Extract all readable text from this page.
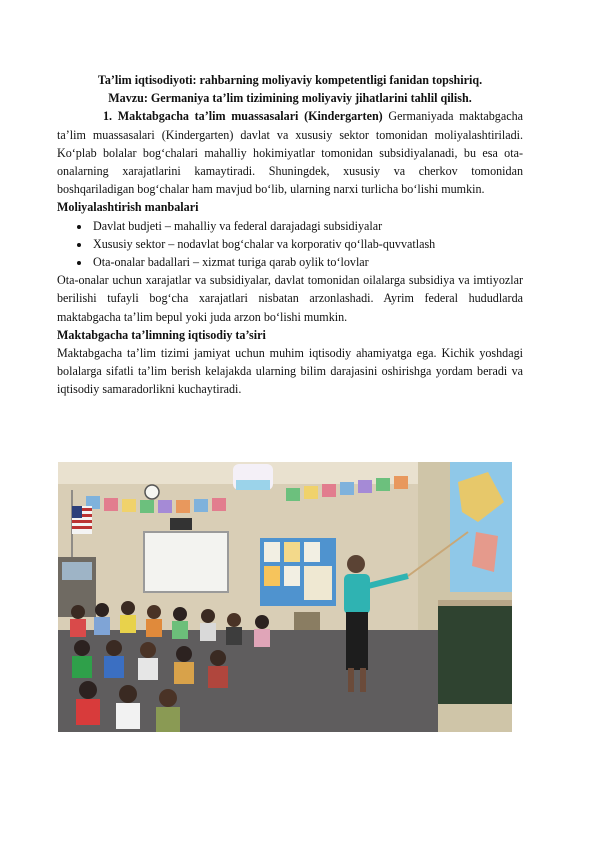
Ta’lim iqtisodiyoti: rahbarning moliyaviy kompetentligi fanidan topshiriq.

Mavzu: Germaniya ta’lim tizimining moliyaviy jihatlarini tahlil qilish.

1. Maktabgacha ta’lim muassasalari (Kindergarten) Germaniyada maktabgacha ta’lim muassasalari (Kindergarten) davlat va xususiy sektor tomonidan moliyalashtiriladi. Ko‘plab bolalar bog‘chalari mahalliy hokimiyatlar tomonidan subsidiyalanadi, bu esa ota-onalarning xarajatlarini kamaytiradi. Shuningdek, xususiy va cherkov tomonidan boshqariladigan bog‘chalar ham mavjud bo‘lib, ularning narxi turlicha bo‘lishi mumkin.

Moliyalashtirish manbalari

• Davlat budjeti – mahalliy va federal darajadagi subsidiyalar
• Xususiy sektor – nodavlat bog‘chalar va korporativ qo‘llab-quvvatlash
• Ota-onalar badallari – xizmat turiga qarab oylik to‘lovlar

Ota-onalar uchun xarajatlar va subsidiyalar, davlat tomonidan oilalarga subsidiya va imtiyozlar berilishi tufayli bog‘cha xarajatlari nisbatan arzonlashadi. Ayrim federal hududlarda maktabgacha ta’lim bepul yoki juda arzon bo‘lishi mumkin.

Maktabgacha ta’limning iqtisodiy ta’siri

Maktabgacha ta’lim tizimi jamiyat uchun muhim iqtisodiy ahamiyatga ega. Kichik yoshdagi bolalarga sifatli ta’lim berish kelajakda ularning bilim darajasini oshirishga yordam beradi va iqtisodiy samaradorlikni kuchaytiradi.
